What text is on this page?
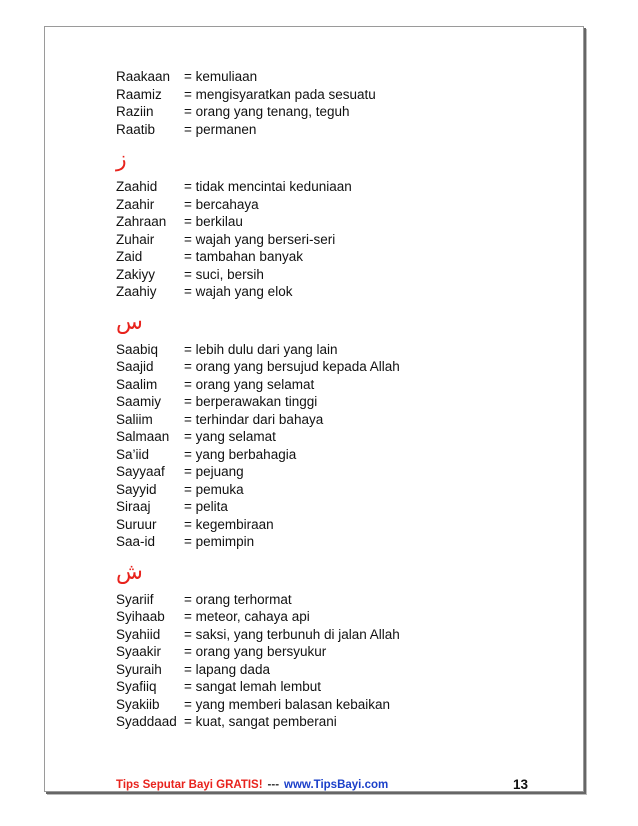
Raakaan	= kemuliaan
Raamiz	= mengisyaratkan pada sesuatu
Raziin	= orang yang tenang, teguh
Raatib	= permanen
ز
Zaahid	= tidak mencintai keduniaan
Zaahir	= bercahaya
Zahraan	= berkilau
Zuhair	= wajah yang berseri-seri
Zaid	= tambahan banyak
Zakiyy	= suci, bersih
Zaahiy	= wajah yang elok
س
Saabiq	= lebih dulu dari yang lain
Saajid	= orang yang bersujud kepada Allah
Saalim	= orang yang selamat
Saamiy	= berperawakan tinggi
Saliim	= terhindar dari bahaya
Salmaan	= yang selamat
Sa’iid	= yang berbahagia
Sayyaaf	= pejuang
Sayyid	= pemuka
Siraaj	= pelita
Suruur	= kegembiraan
Saa-id	= pemimpin
ش
Syariif	= orang terhormat
Syihaab	= meteor, cahaya api
Syahiid	= saksi, yang terbunuh di jalan Allah
Syaakir	= orang yang bersyukur
Syuraih	= lapang dada
Syafiiq	= sangat lemah lembut
Syakiib	= yang memberi balasan kebaikan
Syaddaad = kuat, sangat pemberani
Tips Seputar Bayi GRATIS! --- www.TipsBayi.com	13
